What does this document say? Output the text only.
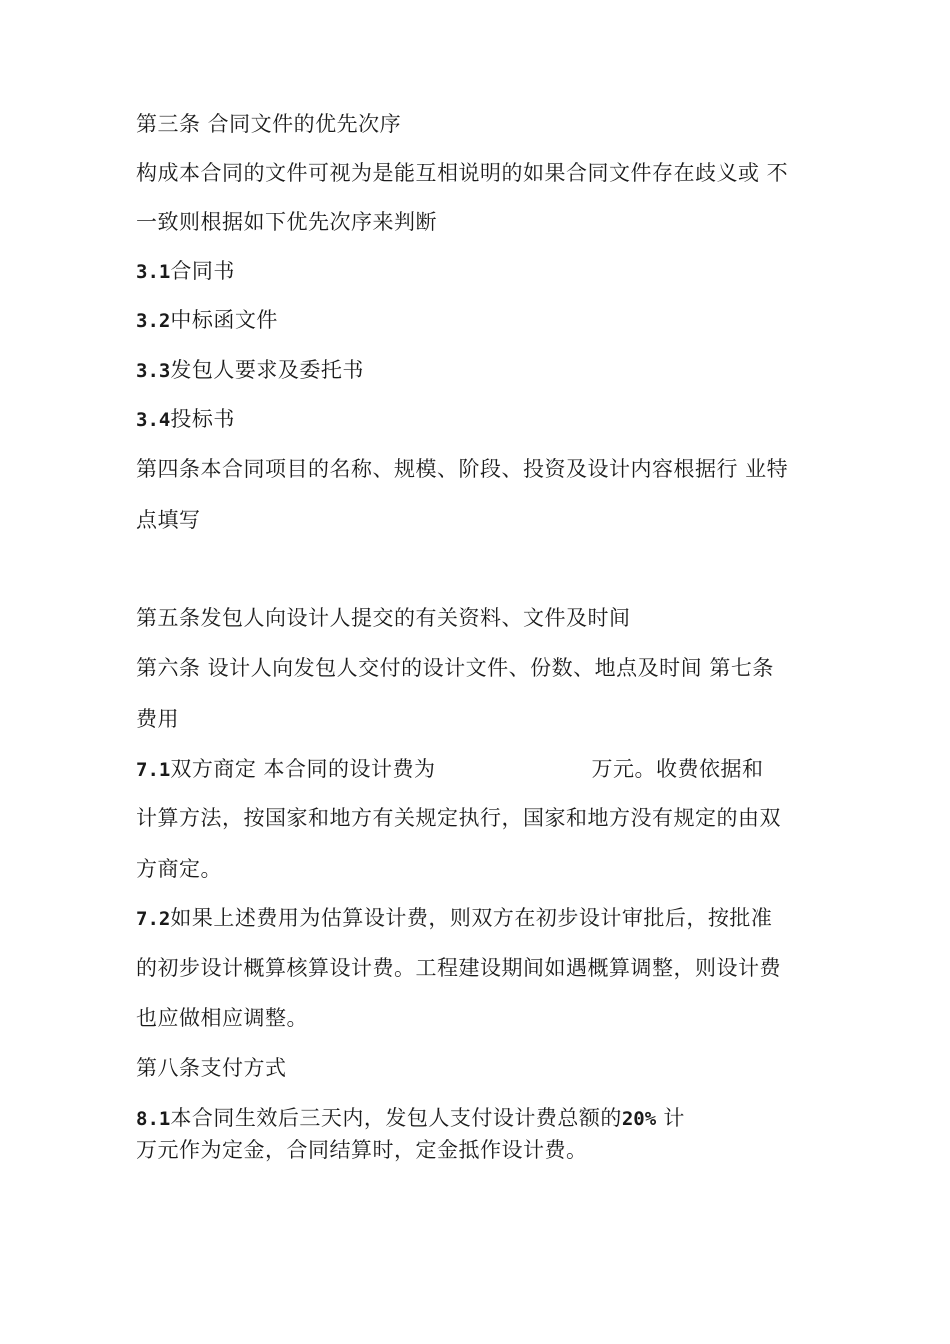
第三条 合同文件的优先次序
构成本合同的文件可视为是能互相说明的如果合同文件存在歧义或 不
一致则根据如下优先次序来判断
3.1合同书
3.2中标函文件
3.3发包人要求及委托书
3.4投标书
第四条本合同项目的名称、规模、阶段、投资及设计内容根据行 业特
点填写
第五条发包人向设计人提交的有关资料、文件及时间
第六条 设计人向发包人交付的设计文件、份数、地点及时间 第七条
费用
7.1双方商定 本合同的设计费为	万元。收费依据和
计算方法，按国家和地方有关规定执行，国家和地方没有规定的由双
方商定。
7.2如果上述费用为估算设计费，则双方在初步设计审批后，按批准
的初步设计概算核算设计费。工程建设期间如遇概算调整，则设计费
也应做相应调整。
第八条支付方式
8.1本合同生效后三天内，发包人支付设计费总额的20% 计
万元作为定金，合同结算时，定金抵作设计费。
